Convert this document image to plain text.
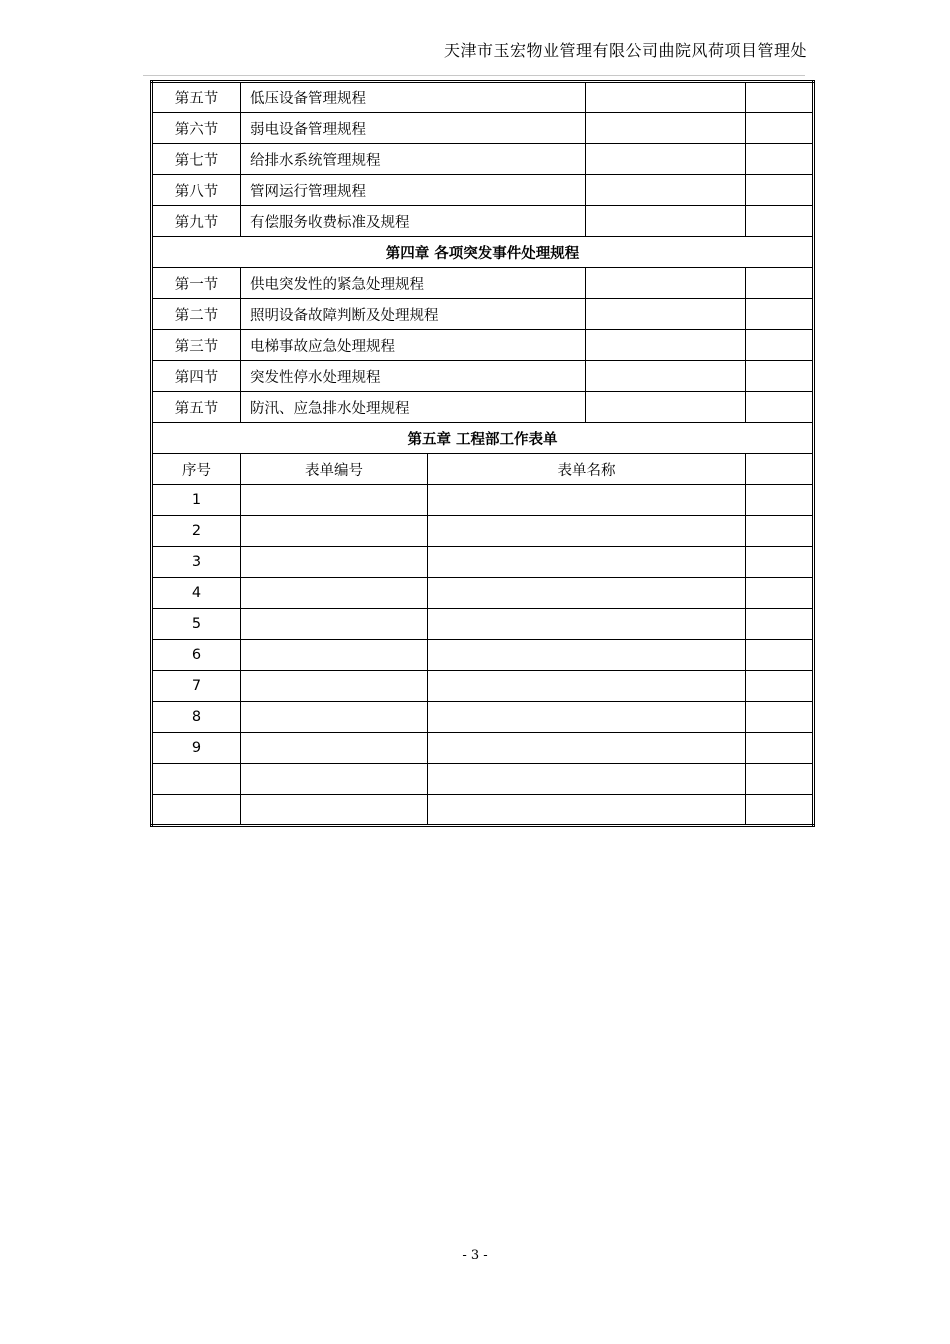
天津市玉宏物业管理有限公司曲院风荷项目管理处
第五节	低压设备管理规程			
第六节	弱电设备管理规程			
第七节	给排水系统管理规程			
第八节	管网运行管理规程			
第九节	有偿服务收费标准及规程			
第四章 各项突发事件处理规程				
第一节	供电突发性的紧急处理规程			
第二节	照明设备故障判断及处理规程			
第三节	电梯事故应急处理规程			
第四节	突发性停水处理规程			
第五节	防汛、应急排水处理规程			
第五章 工程部工作表单				
序号	表单编号	表单名称		
1				
2				
3				
4				
5				
6				
7				
8				
9				

- 3 -
